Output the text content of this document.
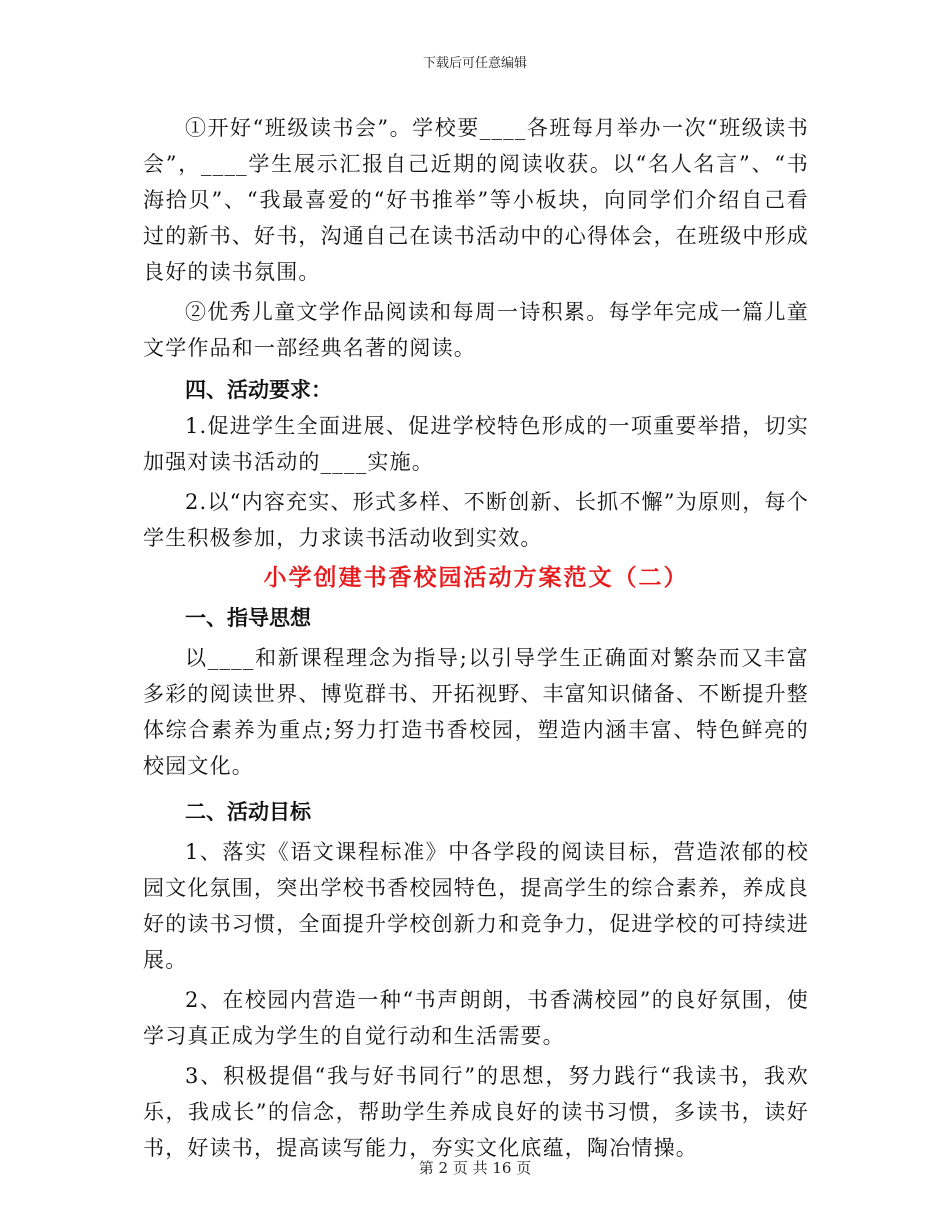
下载后可任意编辑

①开好“班级读书会”。学校要____各班每月举办一次“班级读书会”，____学生展示汇报自己近期的阅读收获。以“名人名言”、“书海拾贝”、“我最喜爱的“好书推举”等小板块，向同学们介绍自己看过的新书、好书，沟通自己在读书活动中的心得体会，在班级中形成良好的读书氛围。

②优秀儿童文学作品阅读和每周一诗积累。每学年完成一篇儿童文学作品和一部经典名著的阅读。

四、活动要求：

1.促进学生全面进展、促进学校特色形成的一项重要举措，切实加强对读书活动的____实施。

2.以“内容充实、形式多样、不断创新、长抓不懈”为原则，每个学生积极参加，力求读书活动收到实效。

小学创建书香校园活动方案范文（二）
一、指导思想

以____和新课程理念为指导;以引导学生正确面对繁杂而又丰富多彩的阅读世界、博览群书、开拓视野、丰富知识储备、不断提升整体综合素养为重点;努力打造书香校园，塑造内涵丰富、特色鲜亮的校园文化。

二、活动目标

1、落实《语文课程标准》中各学段的阅读目标，营造浓郁的校园文化氛围，突出学校书香校园特色，提高学生的综合素养，养成良好的读书习惯，全面提升学校创新力和竞争力，促进学校的可持续进展。

2、在校园内营造一种“书声朗朗，书香满校园”的良好氛围，使学习真正成为学生的自觉行动和生活需要。

3、积极提倡“我与好书同行”的思想，努力践行“我读书，我欢乐，我成长”的信念，帮助学生养成良好的读书习惯，多读书，读好书，好读书，提高读写能力，夯实文化底蕴，陶冶情操。

第 2 页 共 16 页
